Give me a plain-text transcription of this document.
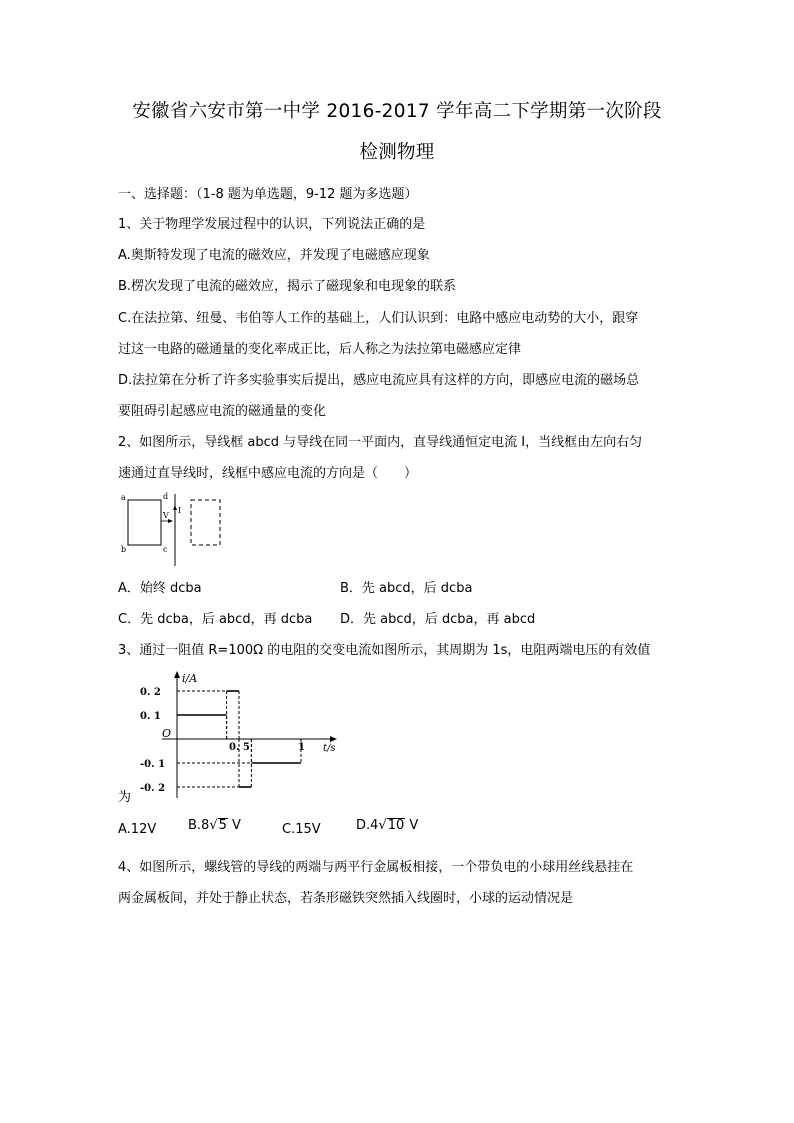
安徽省六安市第一中学 2016-2017 学年高二下学期第一次阶段
检测物理
一、选择题：（1-8 题为单选题，9-12 题为多选题）
1、关于物理学发展过程中的认识，下列说法正确的是
A.奥斯特发现了电流的磁效应，并发现了电磁感应现象
B.楞次发现了电流的磁效应，揭示了磁现象和电现象的联系
C.在法拉第、纽曼、韦伯等人工作的基础上，人们认识到：电路中感应电动势的大小，跟穿
过这一电路的磁通量的变化率成正比，后人称之为法拉第电磁感应定律
D.法拉第在分析了许多实验事实后提出，感应电流应具有这样的方向，即感应电流的磁场总
要阻碍引起感应电流的磁通量的变化
2、如图所示，导线框 abcd 与导线在同一平面内，直导线通恒定电流 I，当线框由左向右匀
速通过直导线时，线框中感应电流的方向是（　　）
a
b	c
d
V
I
A．始终 dcba	B．先 abcd，后 dcba
C．先 dcba，后 abcd，再 dcba D．先 abcd，后 dcba，再 abcd
3、通过一阻值 R=100Ω 的电阻的交变电流如图所示，其周期为 1s，电阻两端电压的有效值
i/A
t/s
O
0. 2
0. 1
-0. 1
-0. 2
0. 5	1
为
A.12V B.8√5 V	C.15V	D.4√10 V
4、如图所示，螺线管的导线的两端与两平行金属板相接，一个带负电的小球用丝线悬挂在
两金属板间，并处于静止状态，若条形磁铁突然插入线圈时，小球的运动情况是
